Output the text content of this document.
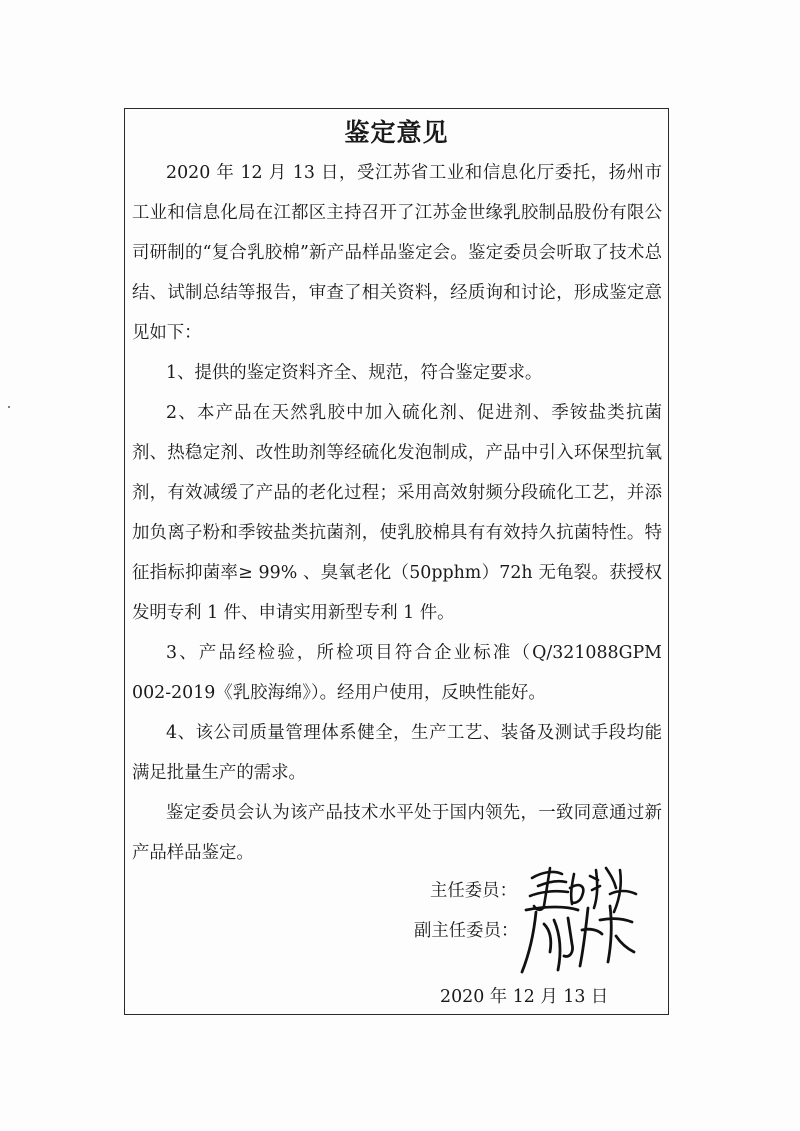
鉴定意见

2020 年 12 月 13 日，受江苏省工业和信息化厅委托，扬州市工业和信息化局在江都区主持召开了江苏金世缘乳胶制品股份有限公司研制的“复合乳胶棉”新产品样品鉴定会。鉴定委员会听取了技术总结、试制总结等报告，审查了相关资料，经质询和讨论，形成鉴定意见如下：

1、提供的鉴定资料齐全、规范，符合鉴定要求。

2、本产品在天然乳胶中加入硫化剂、促进剂、季铵盐类抗菌剂、热稳定剂、改性助剂等经硫化发泡制成，产品中引入环保型抗氧剂，有效减缓了产品的老化过程；采用高效射频分段硫化工艺，并添加负离子粉和季铵盐类抗菌剂，使乳胶棉具有有效持久抗菌特性。特征指标抑菌率≥ 99% 、臭氧老化（50pphm）72h 无龟裂。获授权发明专利 1 件、申请实用新型专利 1 件。

3、产品经检验，所检项目符合企业标准（Q/321088GPM 002-2019《乳胶海绵》）。经用户使用，反映性能好。

4、该公司质量管理体系健全，生产工艺、装备及测试手段均能满足批量生产的需求。

鉴定委员会认为该产品技术水平处于国内领先，一致同意通过新产品样品鉴定。

主任委员：
副主任委员：
2020 年 12 月 13 日
